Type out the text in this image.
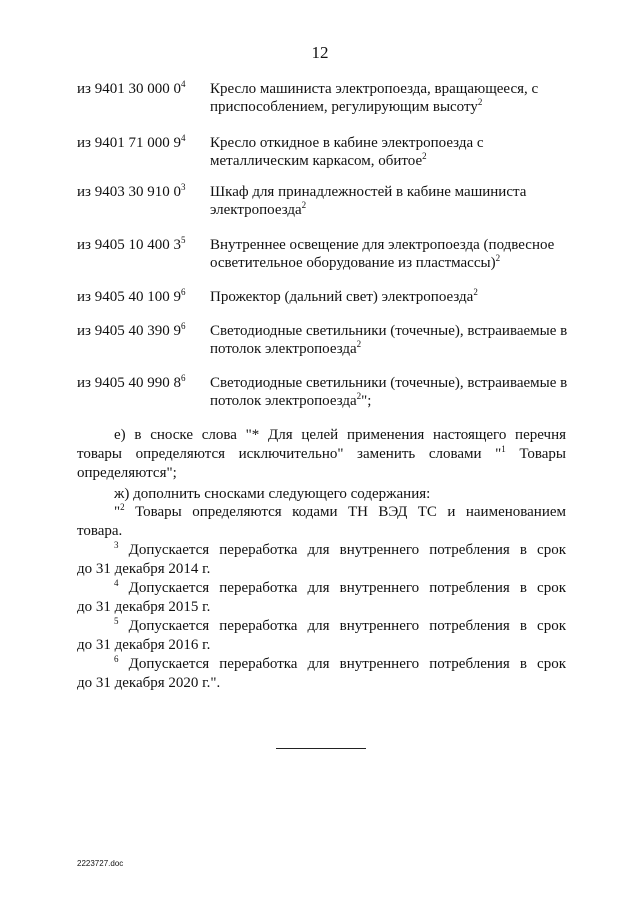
12
из 9401 30 000 $0^4$	Кресло машиниста электропоезда, вращающееся, с приспособлением, регулирующим высоту$^2$
из 9401 71 000 $9^4$	Кресло откидное в кабине электропоезда с металлическим каркасом, обитое$^2$
из 9403 30 910 $0^3$	Шкаф для принадлежностей в кабине машиниста электропоезда$^2$
из 9405 10 400 $3^5$	Внутреннее освещение для электропоезда (подвесное осветительное оборудование из пластмассы)$^2$
из 9405 40 100 $9^6$	Прожектор (дальний свет) электропоезда$^2$
из 9405 40 390 $9^6$	Светодиодные светильники (точечные), встраиваемые в потолок электропоезда$^2$
из 9405 40 990 $8^6$	Светодиодные светильники (точечные), встраиваемые в потолок электропоезда$^2$";
е) в сноске слова "* Для целей применения настоящего перечня
товары определяются исключительно" заменить словами "$^1$ Товары
определяются";
ж) дополнить сносками следующего содержания:
"$^2$ Товары определяются кодами ТН ВЭД ТС и наименованием
товара.
$^3$ Допускается переработка для внутреннего потребления в срок
до 31 декабря 2014 г.
$^4$ Допускается переработка для внутреннего потребления в срок
до 31 декабря 2015 г.
$^5$ Допускается переработка для внутреннего потребления в срок
до 31 декабря 2016 г.
$^6$ Допускается переработка для внутреннего потребления в срок
до 31 декабря 2020 г.".
2223727.doc
